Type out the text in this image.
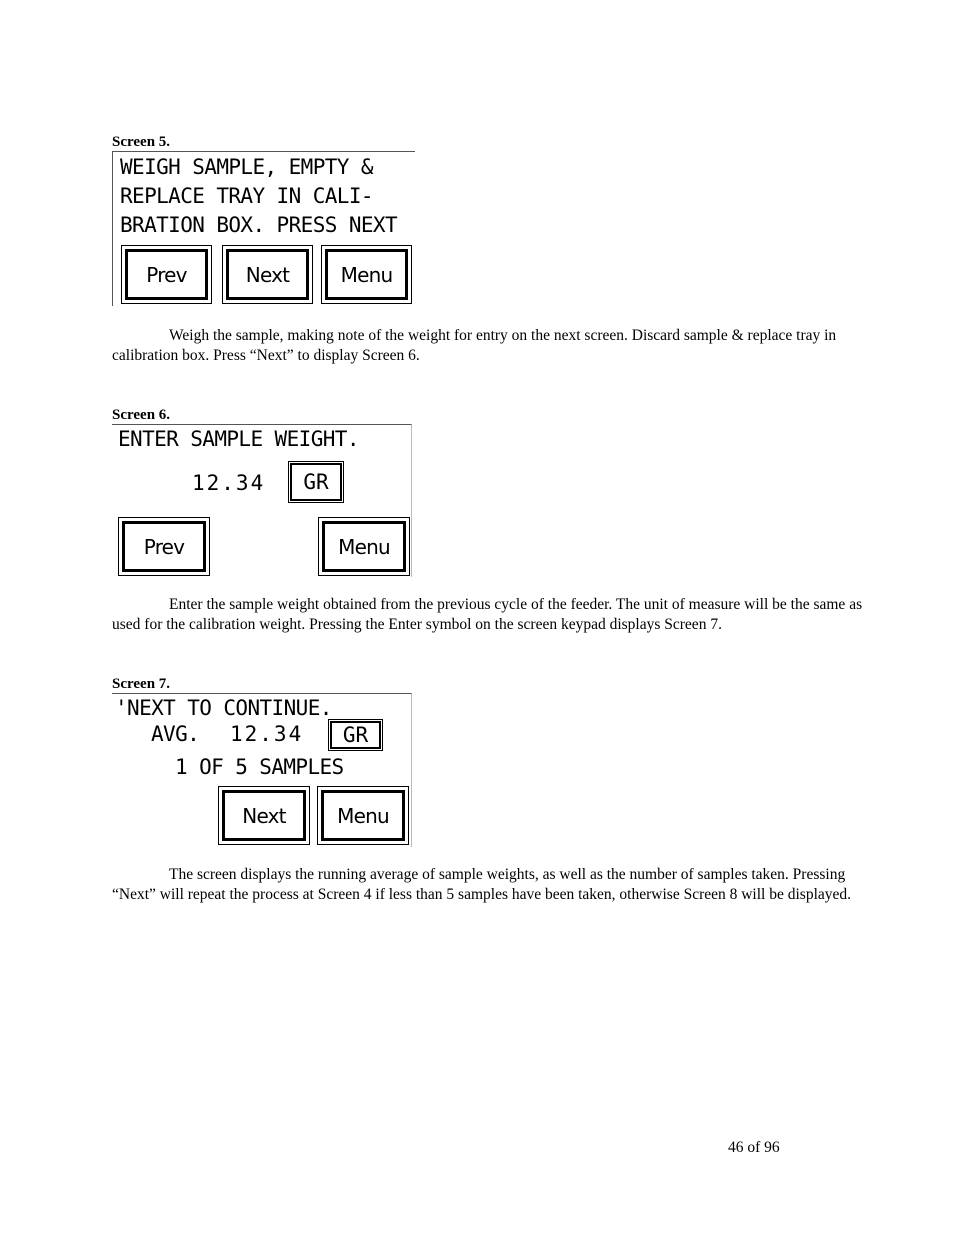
Screen 5.
WEIGH SAMPLE, EMPTY &
REPLACE TRAY IN CALI-
BRATION BOX. PRESS NEXT
Prev	Next	Menu

Weigh the sample, making note of the weight for entry on the next screen. Discard sample & replace tray in calibration box. Press “Next” to display Screen 6.

Screen 6.
ENTER SAMPLE WEIGHT.
12.34	GR
Prev	Menu

Enter the sample weight obtained from the previous cycle of the feeder. The unit of measure will be the same as used for the calibration weight. Pressing the Enter symbol on the screen keypad displays Screen 7.

Screen 7.
'NEXT TO CONTINUE.
AVG. 12.34	GR
1 OF 5 SAMPLES
Next	Menu

The screen displays the running average of sample weights, as well as the number of samples taken. Pressing “Next” will repeat the process at Screen 4 if less than 5 samples have been taken, otherwise Screen 8 will be displayed.

46 of 96
